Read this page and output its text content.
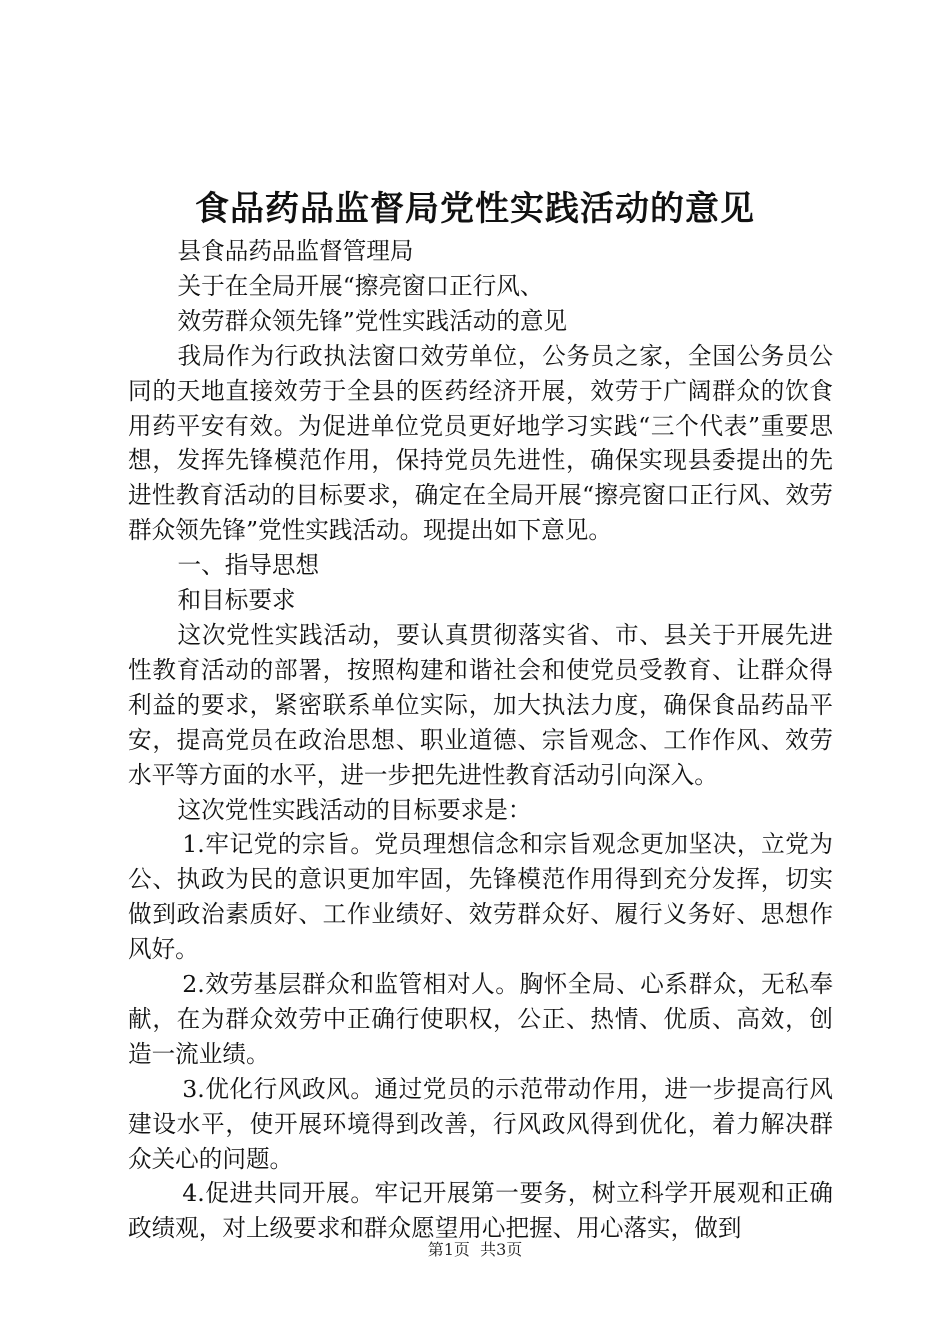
食品药品监督局党性实践活动的意见

县食品药品监督管理局

关于在全局开展“擦亮窗口正行风、

效劳群众领先锋”党性实践活动的意见

我局作为行政执法窗口效劳单位，公务员之家，全国公务员公同的天地直接效劳于全县的医药经济开展，效劳于广阔群众的饮食用药平安有效。为促进单位党员更好地学习实践“三个代表”重要思想，发挥先锋模范作用，保持党员先进性，确保实现县委提出的先进性教育活动的目标要求，确定在全局开展“擦亮窗口正行风、效劳群众领先锋”党性实践活动。现提出如下意见。

一、指导思想

和目标要求

这次党性实践活动，要认真贯彻落实省、市、县关于开展先进性教育活动的部署，按照构建和谐社会和使党员受教育、让群众得利益的要求，紧密联系单位实际，加大执法力度，确保食品药品平安，提高党员在政治思想、职业道德、宗旨观念、工作作风、效劳水平等方面的水平，进一步把先进性教育活动引向深入。

这次党性实践活动的目标要求是：

1.牢记党的宗旨。党员理想信念和宗旨观念更加坚决，立党为公、执政为民的意识更加牢固，先锋模范作用得到充分发挥，切实做到政治素质好、工作业绩好、效劳群众好、履行义务好、思想作风好。

2.效劳基层群众和监管相对人。胸怀全局、心系群众，无私奉献，在为群众效劳中正确行使职权，公正、热情、优质、高效，创造一流业绩。

3.优化行风政风。通过党员的示范带动作用，进一步提高行风建设水平，使开展环境得到改善，行风政风得到优化，着力解决群众关心的问题。

4.促进共同开展。牢记开展第一要务，树立科学开展观和正确政绩观，对上级要求和群众愿望用心把握、用心落实，做到

第1页  共3页
